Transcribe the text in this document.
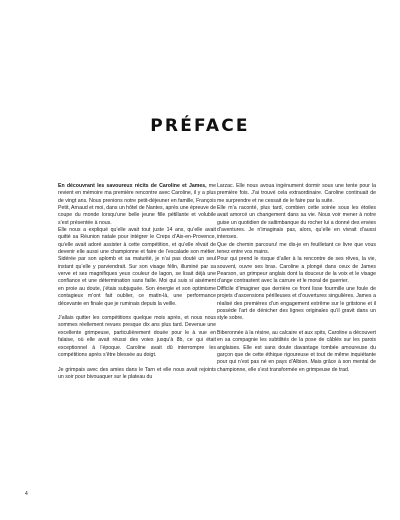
PRÉFACE

En découvrant les savoureux récits de Caroline et James, me revient en mémoire ma première rencontre avec Caroline, il y a plus de vingt ans. Nous prenions notre petit-déjeuner en famille, François Petit, Arnaud et moi, dans un hôtel de Nantes, après une épreuve de coupe du monde lorsqu’une belle jeune fille pétillante et volubile s’est présentée à nous.

Elle nous a expliqué qu’elle avait tout juste 14 ans, qu’elle avait quitté sa Réunion natale pour intégrer le Creps d’Aix-en-Provence, qu’elle avait adoré assister à cette compétition, et qu’elle rêvait de devenir elle aussi une championne et faire de l’escalade son métier. Sidérée par son aplomb et sa maturité, je n’ai pas douté un seul instant qu’elle y parviendrait. Sur son visage félin, illuminé par sa verve et ses magnifiques yeux couleur de lagon, se lisait déjà une confiance et une détermination sans faille. Moi qui suis si aisément en proie au doute, j’étais subjuguée. Son énergie et son optimisme contagieux m’ont fait oublier, ce matin-là, une performance décevante en finale que je ruminais depuis la veille.

J’allais quitter les compétitions quelque mois après, et nous nous sommes réellement revues presque dix ans plus tard. Devenue une excellente grimpeuse, particulièrement douée pour le à vue en falaise, où elle avait réussi des voies jusqu’à 8b, ce qui était exceptionnel à l’époque. Caroline avait dû interrompre les compétitions après s’être blessée au doigt.

Je grimpais avec des amies dans le Tarn et elle nous avait rejoints un soir pour bivouaquer sur le plateau du

Larzac. Elle nous avoua ingénument dormir sous une tente pour la première fois. J’ai trouvé cela extraordinaire. Caroline continuait de me surprendre et ne cessait de le faire par la suite.

Elle m’a raconté, plus tard, combien cette soirée sous les étoiles avait amorcé un changement dans sa vie. Nous voir mener à notre guise un quotidien de saltimbanque du rocher lui a donné des envies d’aventures. Je n’imaginais pas, alors, qu’elle en vivrait d’aussi intenses.

Que de chemin parcouru! me dis-je en feuilletant ce livre que vous tenez entre vos mains.

Pour qui prend le risque d’aller à la rencontre de ses rêves, la vie, souvent, ouvre ses bras. Caroline a plongé dans ceux de James Pearson, un grimpeur anglais dont la douceur de la voix et le visage d’ange contrastent avec la carrure et le moral de guerrier.

Difficile d’imaginer que derrière ce front lisse fourmille une foule de projets d’ascensions périlleuses et d’ouvertures singulières. James a réalisé des premières d’un engagement extrême sur le gritstone et il possède l’art de dénicher des lignes originales qu’il gravit dans un style sobre.

Biberonnée à la résine, au calcaire et aux spits, Caroline a découvert en sa compagnie les subtilités de la pose de câblés sur les parois anglaises. Elle est sans doute davantage tombée amoureuse du garçon que de cette éthique rigoureuse et tout de même inquiétante pour qui n’est pas né en pays d’Albion. Mais grâce à son mental de championne, elle s’est transformée en grimpeuse de trad.

4
